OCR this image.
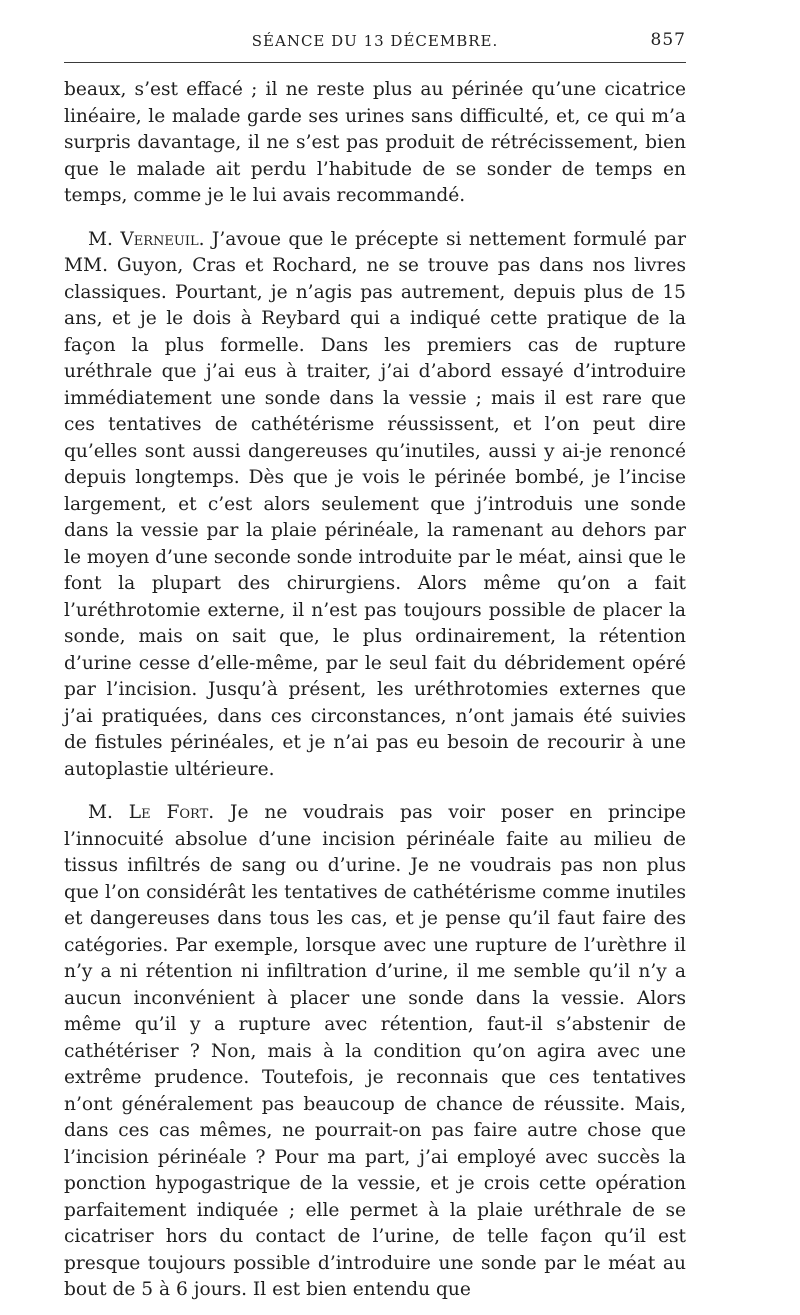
SÉANCE DU 13 DÉCEMBRE.	857

beaux, s’est effacé ; il ne reste plus au périnée qu’une cicatrice linéaire, le malade garde ses urines sans difficulté, et, ce qui m’a surpris davantage, il ne s’est pas produit de rétrécissement, bien que le malade ait perdu l’habitude de se sonder de temps en temps, comme je le lui avais recommandé.

M. Verneuil. J’avoue que le précepte si nettement formulé par MM. Guyon, Cras et Rochard, ne se trouve pas dans nos livres classiques. Pourtant, je n’agis pas autrement, depuis plus de 15 ans, et je le dois à Reybard qui a indiqué cette pratique de la façon la plus formelle. Dans les premiers cas de rupture uréthrale que j’ai eus à traiter, j’ai d’abord essayé d’introduire immédiatement une sonde dans la vessie ; mais il est rare que ces tentatives de cathétérisme réussissent, et l’on peut dire qu’elles sont aussi dangereuses qu’inutiles, aussi y ai-je renoncé depuis longtemps. Dès que je vois le périnée bombé, je l’incise largement, et c’est alors seulement que j’introduis une sonde dans la vessie par la plaie périnéale, la ramenant au dehors par le moyen d’une seconde sonde introduite par le méat, ainsi que le font la plupart des chirurgiens. Alors même qu’on a fait l’uréthrotomie externe, il n’est pas toujours possible de placer la sonde, mais on sait que, le plus ordinairement, la rétention d’urine cesse d’elle-même, par le seul fait du débridement opéré par l’incision. Jusqu’à présent, les uréthrotomies externes que j’ai pratiquées, dans ces circonstances, n’ont jamais été suivies de fistules périnéales, et je n’ai pas eu besoin de recourir à une autoplastie ultérieure.

M. Le Fort. Je ne voudrais pas voir poser en principe l’innocuité absolue d’une incision périnéale faite au milieu de tissus infiltrés de sang ou d’urine. Je ne voudrais pas non plus que l’on considérât les tentatives de cathétérisme comme inutiles et dangereuses dans tous les cas, et je pense qu’il faut faire des catégories. Par exemple, lorsque avec une rupture de l’urèthre il n’y a ni rétention ni infiltration d’urine, il me semble qu’il n’y a aucun inconvénient à placer une sonde dans la vessie. Alors même qu’il y a rupture avec rétention, faut-il s’abstenir de cathétériser ? Non, mais à la condition qu’on agira avec une extrême prudence. Toutefois, je reconnais que ces tentatives n’ont généralement pas beaucoup de chance de réussite. Mais, dans ces cas mêmes, ne pourrait-on pas faire autre chose que l’incision périnéale ? Pour ma part, j’ai employé avec succès la ponction hypogastrique de la vessie, et je crois cette opération parfaitement indiquée ; elle permet à la plaie uréthrale de se cicatriser hors du contact de l’urine, de telle façon qu’il est presque toujours possible d’introduire une sonde par le méat au bout de 5 à 6 jours. Il est bien entendu que
